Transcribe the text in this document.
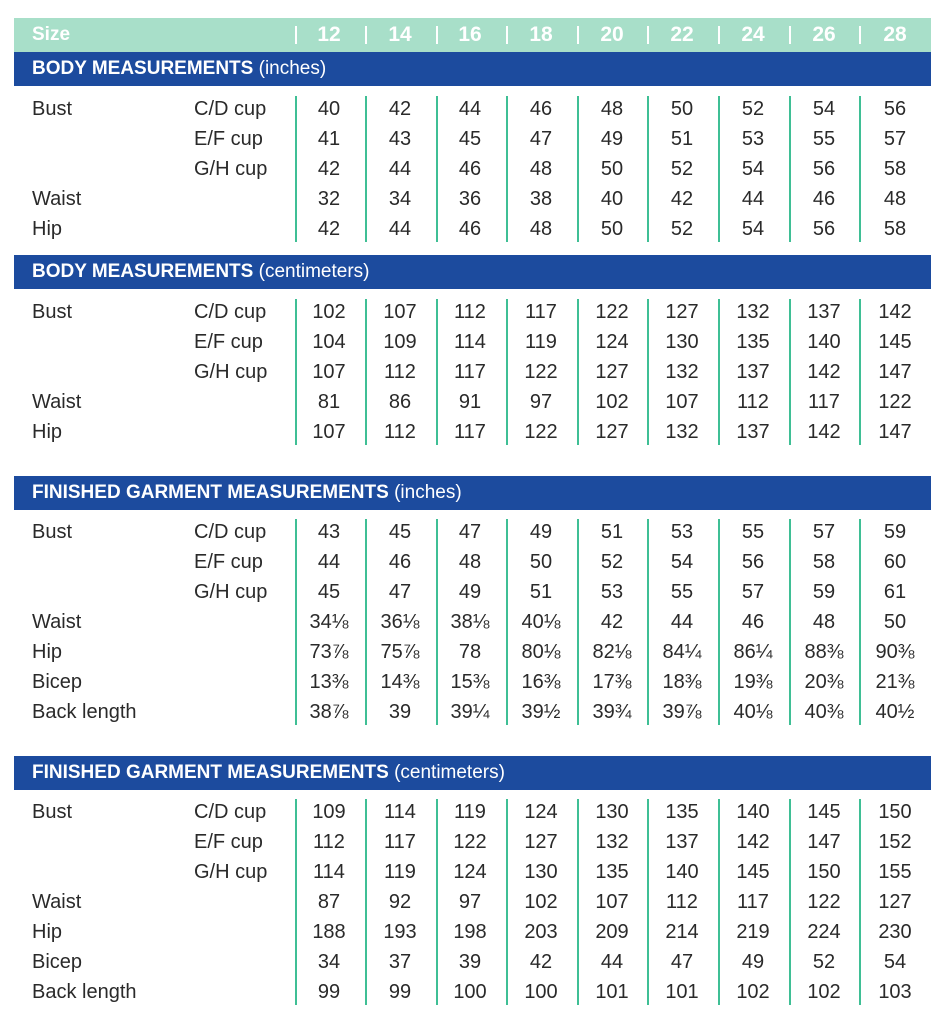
Size	12	14	16	18	20	22	24	26	28
BODY MEASUREMENTS (inches)
Bust	C/D cup	40	42	44	46	48	50	52	54	56
E/F cup	41	43	45	47	49	51	53	55	57
G/H cup	42	44	46	48	50	52	54	56	58
Waist	32	34	36	38	40	42	44	46	48
Hip	42	44	46	48	50	52	54	56	58
BODY MEASUREMENTS (centimeters)
Bust	C/D cup	102	107	112	117	122	127	132	137	142
E/F cup	104	109	114	119	124	130	135	140	145
G/H cup	107	112	117	122	127	132	137	142	147
Waist	81	86	91	97	102	107	112	117	122
Hip	107	112	117	122	127	132	137	142	147
FINISHED GARMENT MEASUREMENTS (inches)
Bust	C/D cup	43	45	47	49	51	53	55	57	59
E/F cup	44	46	48	50	52	54	56	58	60
G/H cup	45	47	49	51	53	55	57	59	61
Waist	34⅛	36⅛	38⅛	40⅛	42	44	46	48	50
Hip	73⅞	75⅞	78	80⅛	82⅛	84¼	86¼	88⅜	90⅜
Bicep	13⅜	14⅜	15⅜	16⅜	17⅜	18⅜	19⅜	20⅜	21⅜
Back length	38⅞	39	39¼	39½	39¾	39⅞	40⅛	40⅜	40½
FINISHED GARMENT MEASUREMENTS (centimeters)
Bust	C/D cup	109	114	119	124	130	135	140	145	150
E/F cup	112	117	122	127	132	137	142	147	152
G/H cup	114	119	124	130	135	140	145	150	155
Waist	87	92	97	102	107	112	117	122	127
Hip	188	193	198	203	209	214	219	224	230
Bicep	34	37	39	42	44	47	49	52	54
Back length	99	99	100	100	101	101	102	102	103
